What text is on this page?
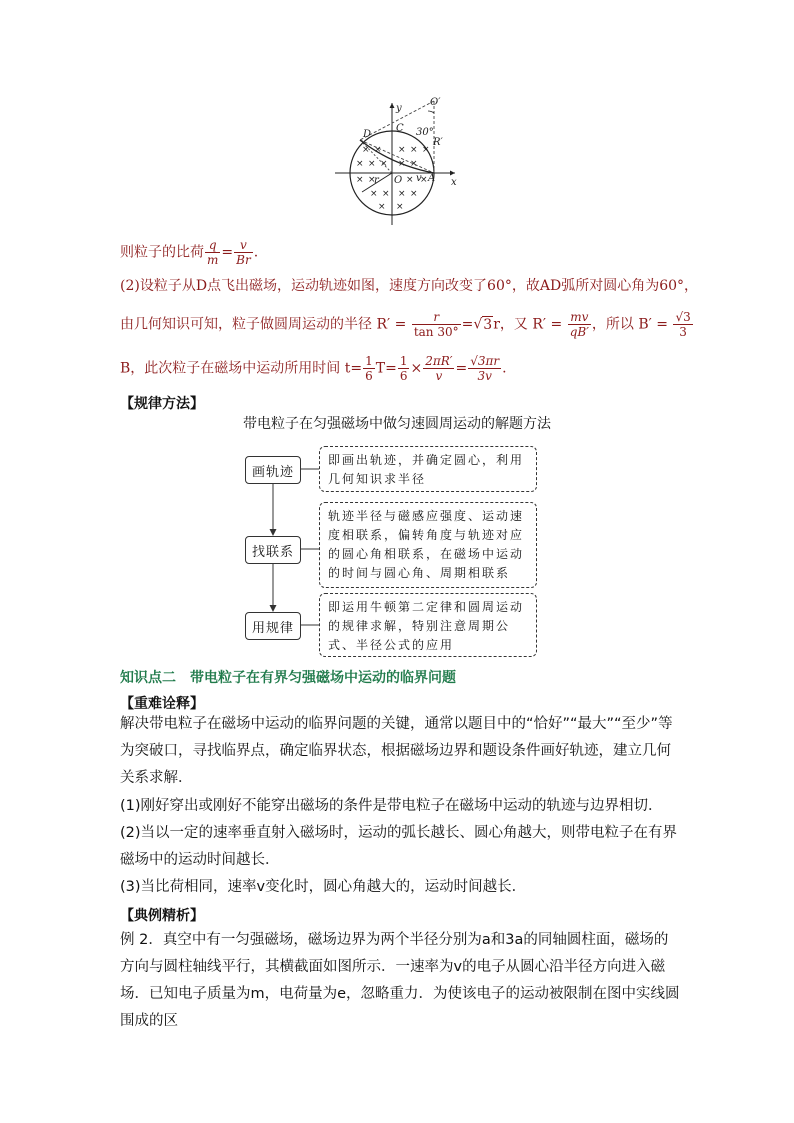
× × × × ×
× × × × ×
× ×	× ×
× × × ×
× ×
y
x
O′
C
D	30°
R′
O	A
r	v
则粒子的比荷 $\frac{q}{m} = \frac{v}{Br}$ .
(2)设粒子从D点飞出磁场，运动轨迹如图，速度方向改变了60°，故AD弧所对圆心角为60°，
由几何知识可知，粒子做圆周运动的半径 $R' = \frac{r}{\tan 30^\circ} =√3r$，又 $R' = \frac{mv}{qB'}$ ，所以 $B' = \frac{√3}{3}$
B，此次粒子在磁场中运动所用时间 $t= \frac{1}{6} T= \frac{1}{6} \times \frac{2\pi R'}{v} = \frac{√3\pi r}{3v}$ .
【规律方法】
带电粒子在匀强磁场中做匀速圆周运动的解题方法
画轨迹
即画出轨迹，并确定圆心，利用几何知识求半径
找联系
轨迹半径与磁感应强度、运动速度相联系，偏转角度与轨迹对应的圆心角相联系，在磁场中运动的时间与圆心角、周期相联系
用规律
即运用牛顿第二定律和圆周运动的规律求解，特别注意周期公式、半径公式的应用
知识点二　带电粒子在有界匀强磁场中运动的临界问题
【重难诠释】
解决带电粒子在磁场中运动的临界问题的关键，通常以题目中的“恰好”“最大”“至少”等为突破口，寻找临界点，确定临界状态，根据磁场边界和题设条件画好轨迹，建立几何关系求解．
(1)刚好穿出或刚好不能穿出磁场的条件是带电粒子在磁场中运动的轨迹与边界相切．
(2)当以一定的速率垂直射入磁场时，运动的弧长越长、圆心角越大，则带电粒子在有界磁场中的运动时间越长．
(3)当比荷相同，速率v变化时，圆心角越大的，运动时间越长．
【典例精析】
例 2．真空中有一匀强磁场，磁场边界为两个半径分别为a和3a的同轴圆柱面，磁场的方向与圆柱轴线平行，其横截面如图所示．一速率为v的电子从圆心沿半径方向进入磁场．已知电子质量为m，电荷量为e，忽略重力．为使该电子的运动被限制在图中实线圆围成的区
